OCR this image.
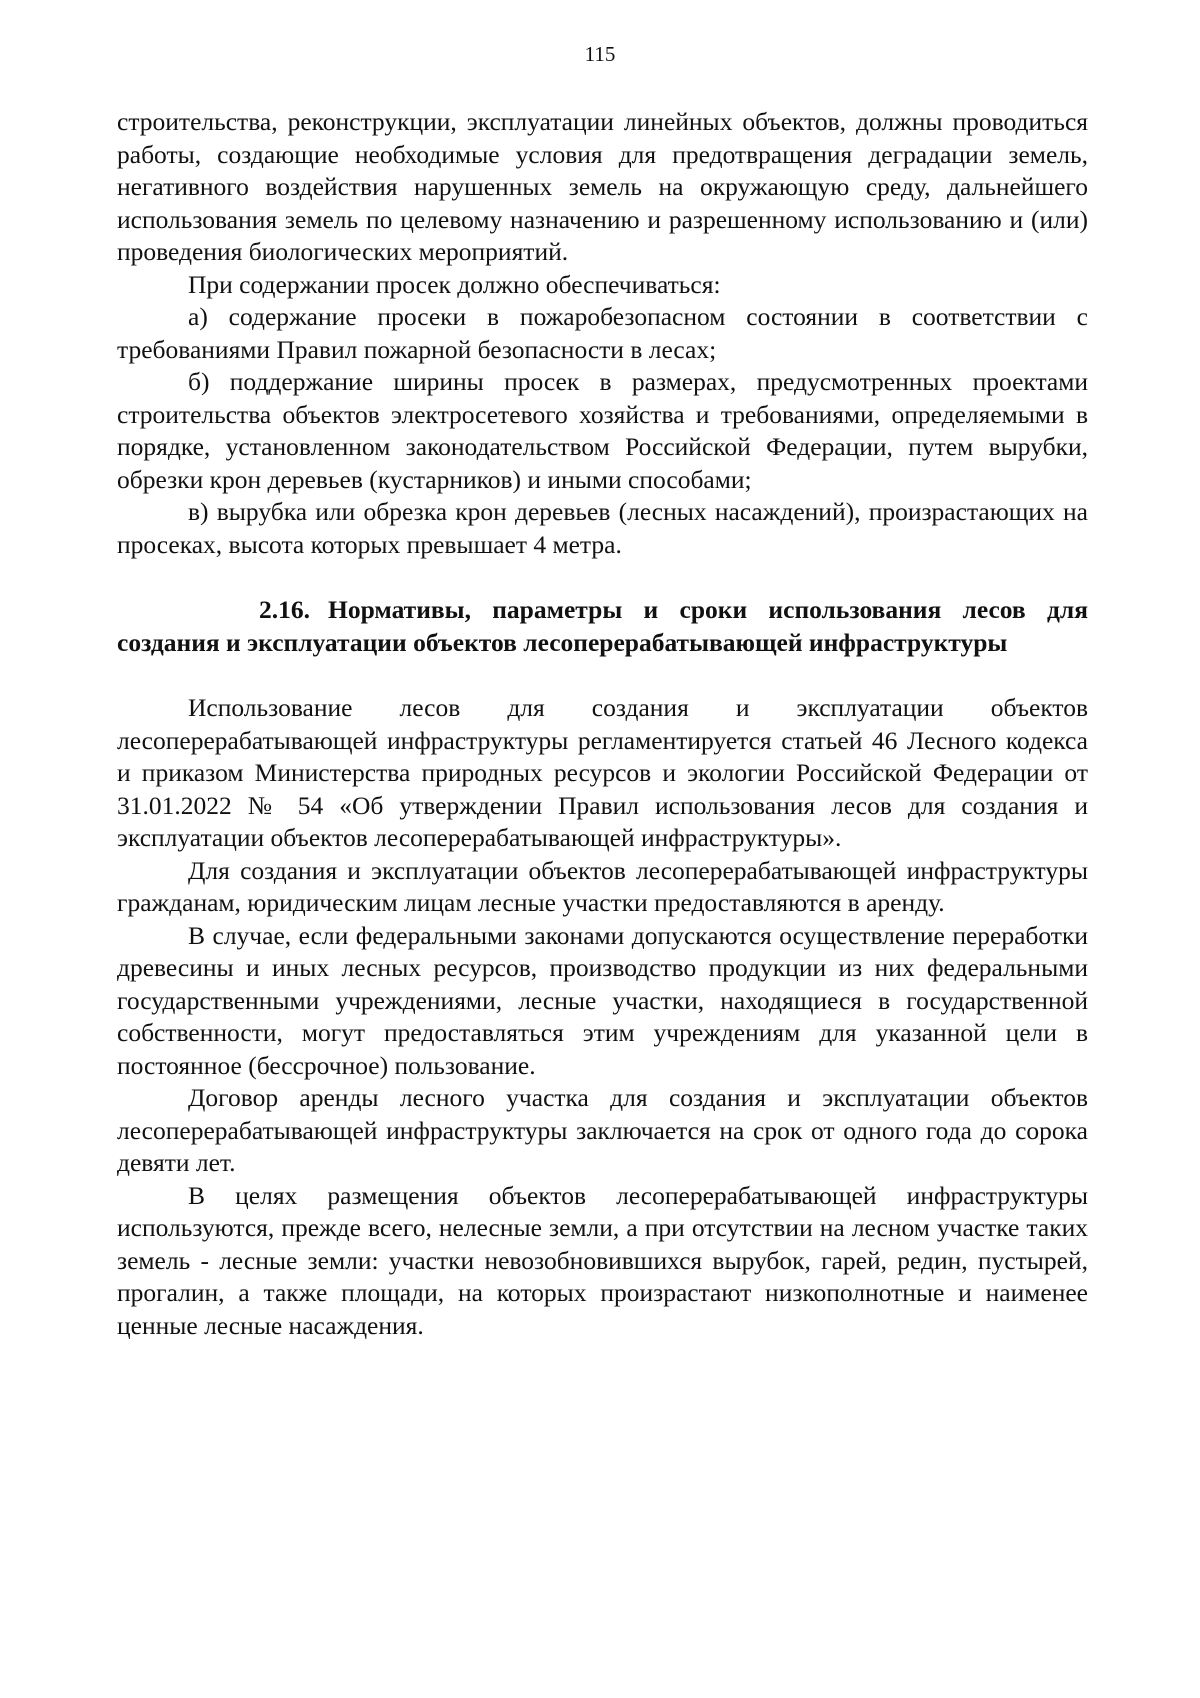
115

строительства, реконструкции, эксплуатации линейных объектов, должны проводиться работы, создающие необходимые условия для предотвращения деградации земель, негативного воздействия нарушенных земель на окружающую среду, дальнейшего использования земель по целевому назначению и разрешенному использованию и (или) проведения биологических мероприятий.

При содержании просек должно обеспечиваться:

а) содержание просеки в пожаробезопасном состоянии в соответствии с требованиями Правил пожарной безопасности в лесах;

б) поддержание ширины просек в размерах, предусмотренных проектами строительства объектов электросетевого хозяйства и требованиями, определяемыми в порядке, установленном законодательством Российской Федерации, путем вырубки, обрезки крон деревьев (кустарников) и иными способами;

в) вырубка или обрезка крон деревьев (лесных насаждений), произрастающих на просеках, высота которых превышает 4 метра.

2.16. Нормативы, параметры и сроки использования лесов для создания и эксплуатации объектов лесоперерабатывающей инфраструктуры

Использование лесов для создания и эксплуатации объектов лесоперерабатывающей инфраструктуры регламентируется статьей 46 Лесного кодекса и приказом Министерства природных ресурсов и экологии Российской Федерации от 31.01.2022 № 54 «Об утверждении Правил использования лесов для создания и эксплуатации объектов лесоперерабатывающей инфраструктуры».

Для создания и эксплуатации объектов лесоперерабатывающей инфраструктуры гражданам, юридическим лицам лесные участки предоставляются в аренду.

В случае, если федеральными законами допускаются осуществление переработки древесины и иных лесных ресурсов, производство продукции из них федеральными государственными учреждениями, лесные участки, находящиеся в государственной собственности, могут предоставляться этим учреждениям для указанной цели в постоянное (бессрочное) пользование.

Договор аренды лесного участка для создания и эксплуатации объектов лесоперерабатывающей инфраструктуры заключается на срок от одного года до сорока девяти лет.

В целях размещения объектов лесоперерабатывающей инфраструктуры используются, прежде всего, нелесные земли, а при отсутствии на лесном участке таких земель - лесные земли: участки невозобновившихся вырубок, гарей, редин, пустырей, прогалин, а также площади, на которых произрастают низкополнотные и наименее ценные лесные насаждения.
